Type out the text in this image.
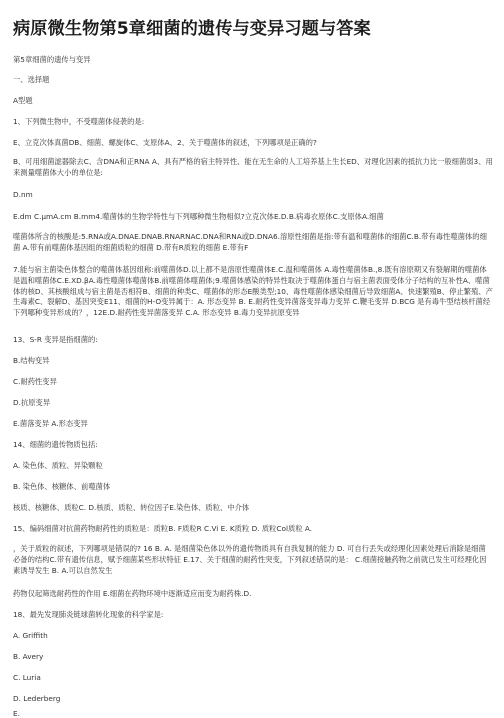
病原微生物第5章细菌的遗传与变异习题与答案
第5章细菌的遗传与变异
一、选择题
A型题
1、下列微生物中，不受噬菌体侵袭的是:
E、立克次体真菌DB、细菌、螺旋体C、支原体A、2、关于噬菌体的叙述，下列哪项是正确的?
B、可用细菌滤器除去C、含DNA和正RNA A、具有严格的宿主特异性、能在无生命的人工培养基上生长ED、对理化因素的抵抗力比一般细菌弱3、用来测量噬菌体大小的单位是:
D.nm
E.dm C.μmA.cm B.mm4.噬菌体的生物学特性与下列哪种微生物相似?立克次体E.D.B.病毒衣原体C.支原体A.细菌
噬菌体所含的核酸是:5.RNA或A.DNAE.DNAB.RNARNAC.DNA和RNA或D.DNA6.溶原性细菌是指:带有温和噬菌体的细菌C.B.带有毒性噬菌体的细菌 A.带有前噬菌体基因组的细菌质粒的细菌 D.带有R质粒的细菌 E.带有F
7.能与宿主菌染色体整合的噬菌体基因组称:前噬菌体D.以上都不是溶原性噬菌体E.C.温和噬菌体 A.毒性噬菌体B.,8.既有溶原期又有裂解期的噬菌体是温和噬菌体C.E.XD.βA.毒性噬菌体噬菌体B.前噬菌体噬菌体;9.噬菌体感染的特异性取决于噬菌体蛋白与宿主菌表面受体分子结构的互补性A、噬菌体的核D、其核酸组成与宿主菌是否相符B、细菌的种类C、噬菌体的形态E酸类型;10、毒性噬菌体感染细菌后导致细菌A、快速繁殖B、停止繁殖、产生毒素C、裂解D、基因突变E11、细菌的H-O变异属于：A. 形态变异 B. E.耐药性变异菌落变异毒力变异 C.鞭毛变异 D.BCG 是有毒牛型结核杆菌经下列哪种变异形成的？，12E.D.耐药性变异菌落变异 C.A. 形态变异 B.毒力变异抗原变异
13、S-R 变异是指细菌的:
B.结构变异
C.耐药性变异
D.抗原变异
E.菌落变异 A.形态变异
14、细菌的遗传物质包括:
A. 染色体、质粒、异染颗粒
B. 染色体、核糖体、前噬菌体
核质、核糖体、质粒C. D.核质、质粒、转位因子E.染色体、质粒、中介体
15、编码细菌对抗菌药物耐药性的质粒是：质粒B. F质粒R C.Vi E. K质粒 D. 质粒Col质粒 A.
，关于质粒的叙述，下列哪项是错误的? 16 B. A. 是细菌染色体以外的遗传物质具有自我复制的能力 D. 可自行丢失或经理化因素处理后消除是细菌必备的结构C.带有遗传信息，赋予细菌某些形状特征 E.17、关于细菌的耐药性突变，下列叙述错误的是： C.细菌接触药物之前就已发生可经理化因素诱导发生 B. A.可以自然发生
药物仅起筛选耐药性的作用 E.细菌在药物环境中逐渐适应而变为耐药株.D.
18、最先发现肺炎链球菌转化现象的科学家是:
A. Griffith
B. Avery
C. Luria
D. Lederberg
E.
